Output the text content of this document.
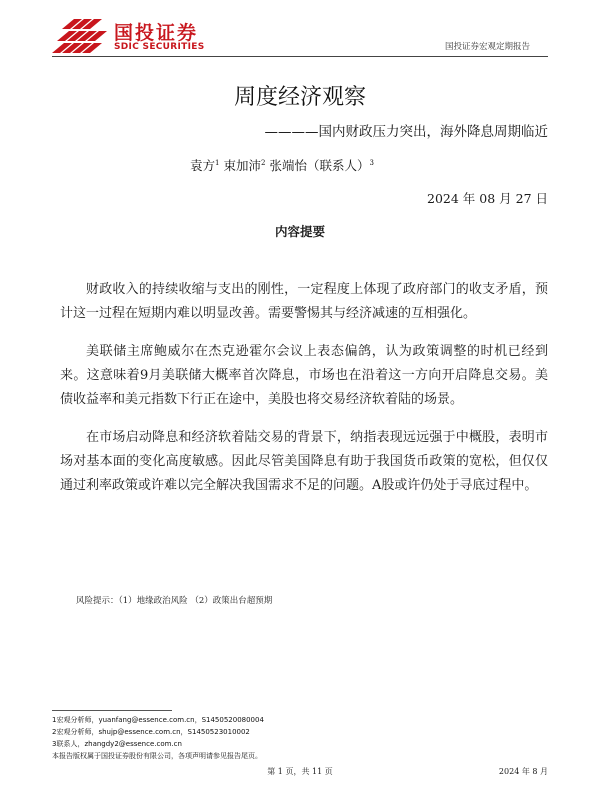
国投证券
SDIC SECURITIES	国投证券宏观定期报告
周度经济观察
————国内财政压力突出，海外降息周期临近
袁方$^1$ 束加沛$^2$ 张端怡（联系人）$^3$
2024 年 08 月 27 日
内容提要

财政收入的持续收缩与支出的刚性，一定程度上体现了政府部门的收支矛盾，预计这一过程在短期内难以明显改善。需要警惕其与经济减速的互相强化。

美联储主席鲍威尔在杰克逊霍尔会议上表态偏鸽，认为政策调整的时机已经到来。这意味着9月美联储大概率首次降息，市场也在沿着这一方向开启降息交易。美债收益率和美元指数下行正在途中，美股也将交易经济软着陆的场景。

在市场启动降息和经济软着陆交易的背景下，纳指表现远远强于中概股，表明市场对基本面的变化高度敏感。因此尽管美国降息有助于我国货币政策的宽松，但仅仅通过利率政策或许难以完全解决我国需求不足的问题。A股或许仍处于寻底过程中。

风险提示：（1）地缘政治风险 （2）政策出台超预期
1宏观分析师，yuanfang@essence.com.cn，S1450520080004
2宏观分析师，shujp@essence.com.cn，S1450523010002
3联系人，zhangdy2@essence.com.cn
本报告版权属于国投证券股份有限公司，各项声明请参见报告尾页。
第 1 页，共 11 页	2024 年 8 月
